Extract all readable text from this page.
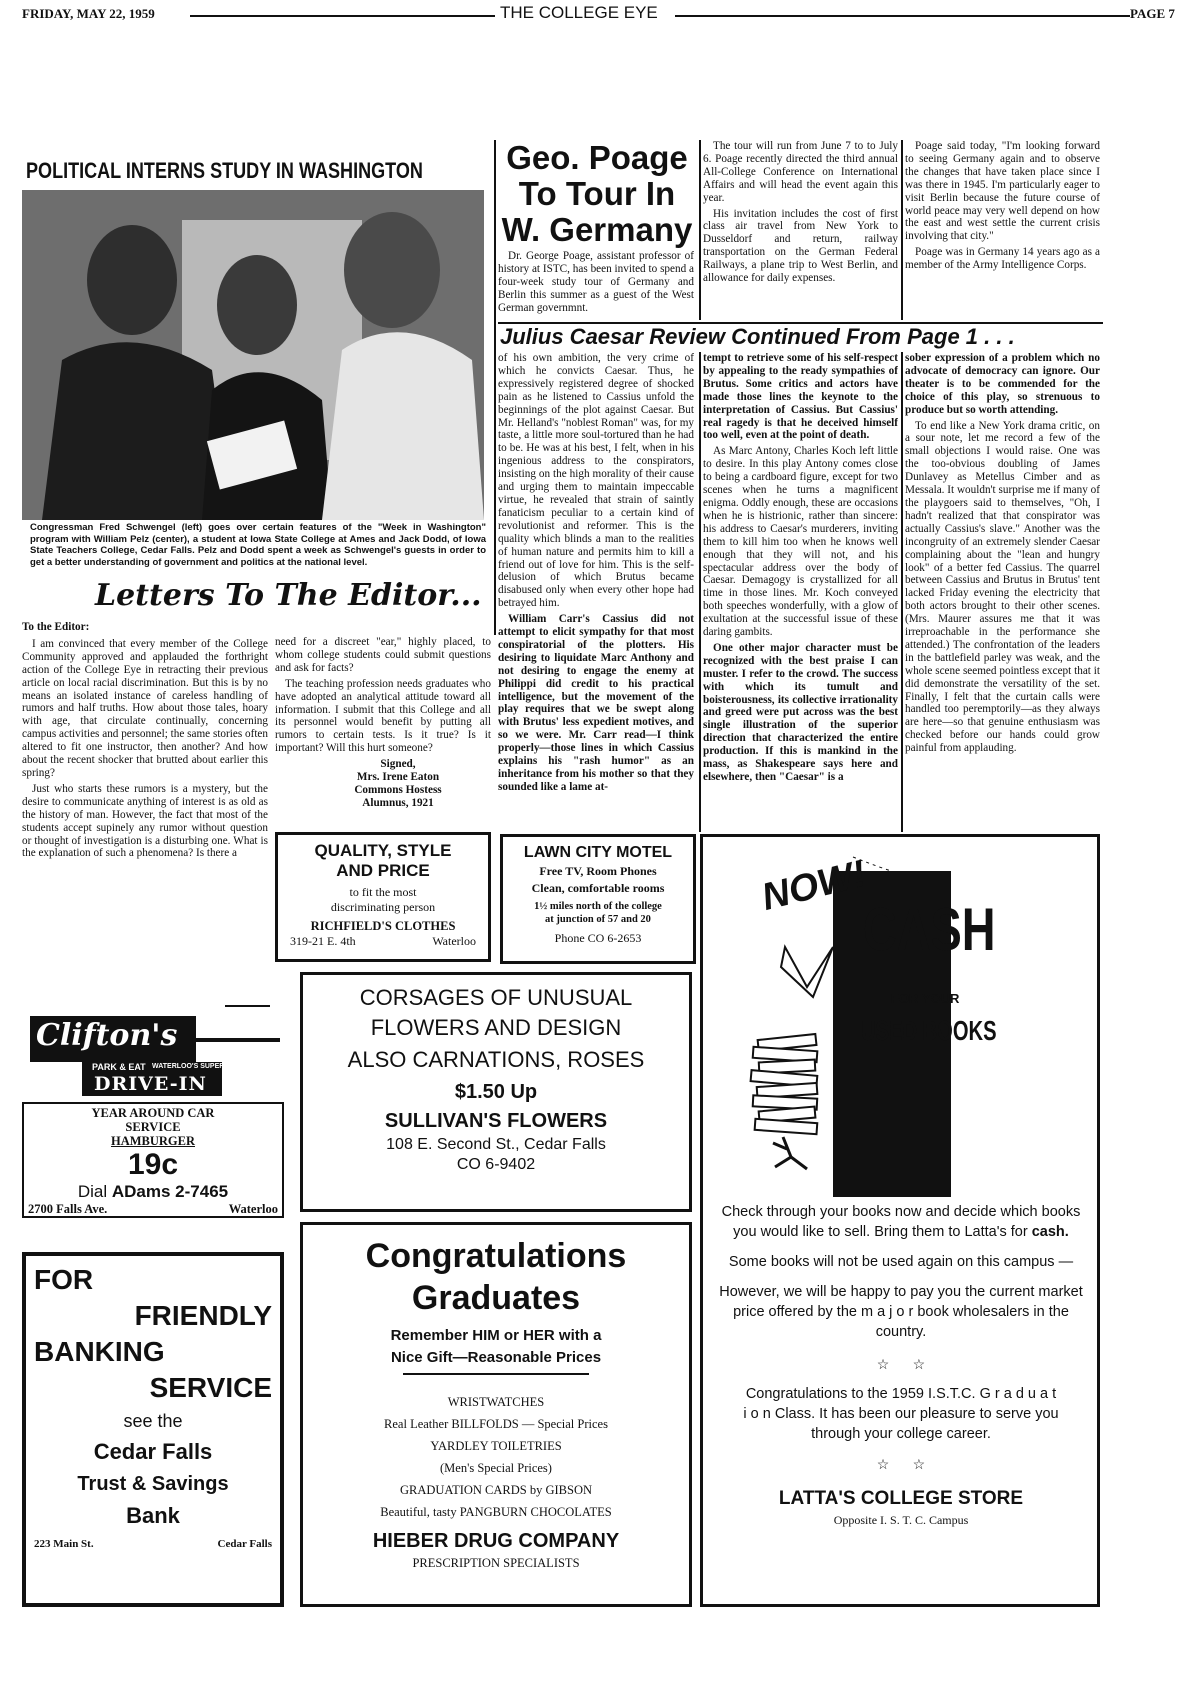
FRIDAY, MAY 22, 1959	THE COLLEGE EYE	PAGE 7
POLITICAL INTERNS STUDY IN WASHINGTON
Congressman Fred Schwengel (left) goes over certain features of the "Week in Washington" program with William Pelz (center), a student at Iowa State College at Ames and Jack Dodd, of Iowa State Teachers College, Cedar Falls. Pelz and Dodd spent a week as Schwengel's guests in order to get a better understanding of government and politics at the national level.
Letters To The Editor...
To the Editor:

I am convinced that every member of the College Community approved and applauded the forthright action of the College Eye in retracting their previous article on local racial discrimination. But this is by no means an isolated instance of careless handling of rumors and half truths. How about those tales, hoary with age, that circulate continually, concerning campus activities and personnel; the same stories often altered to fit one instructor, then another? And how about the recent shocker that brutted about earlier this spring?

Just who starts these rumors is a mystery, but the desire to communicate anything of interest is as old as the history of man. However, the fact that most of the students accept supinely any rumor without question or thought of investigation is a disturbing one. What is the explanation of such a phenomena? Is there a

need for a discreet "ear," highly placed, to whom college students could submit questions and ask for facts?

The teaching profession needs graduates who have adopted an analytical attitude toward all information. I submit that this College and all its personnel would benefit by putting all rumors to certain tests. Is it true? Is it important? Will this hurt someone?

Signed,
Mrs. Irene Eaton
Commons Hostess
Alumnus, 1921
QUALITY, STYLE
AND PRICE
to fit the most
discriminating person
RICHFIELD'S CLOTHES
319-21 E. 4th	Waterloo
Clifton's
PARK & EAT WATERLOO'S SUPER
DRIVE-IN
YEAR AROUND CAR
SERVICE
HAMBURGER
19c
Dial ADams 2-7465
2700 Falls Ave.	Waterloo
FOR
FRIENDLY
BANKING
SERVICE
see the
Cedar Falls
Trust & Savings
Bank
223 Main St.	Cedar Falls
Geo. Poage
To Tour In
W. Germany

Dr. George Poage, assistant professor of history at ISTC, has been invited to spend a four-week study tour of Germany and Berlin this summer as a guest of the West German governmnt.

The tour will run from June 7 to to July 6. Poage recently directed the third annual All-College Conference on International Affairs and will head the event again this year.

His invitation includes the cost of first class air travel from New York to Dusseldorf and return, railway transportation on the German Federal Railways, a plane trip to West Berlin, and allowance for daily expenses.

Poage said today, "I'm looking forward to seeing Germany again and to observe the changes that have taken place since I was there in 1945. I'm particularly eager to visit Berlin because the future course of world peace may very well depend on how the east and west settle the current crisis involving that city."

Poage was in Germany 14 years ago as a member of the Army Intelligence Corps.

Julius Caesar Review Continued From Page 1 . . .

of his own ambition, the very crime of which he convicts Caesar. Thus, he expressively registered degree of shocked pain as he listened to Cassius unfold the beginnings of the plot against Caesar. But Mr. Helland's "noblest Roman" was, for my taste, a little more soul-tortured than he had to be. He was at his best, I felt, when in his ingenious address to the conspirators, insisting on the high morality of their cause and urging them to maintain impeccable virtue, he revealed that strain of saintly fanaticism peculiar to a certain kind of revolutionist and reformer. This is the quality which blinds a man to the realities of human nature and permits him to kill a friend out of love for him. This is the self-delusion of which Brutus became disabused only when every other hope had betrayed him.

William Carr's Cassius did not attempt to elicit sympathy for that most conspiratorial of the plotters. His desiring to liquidate Marc Anthony and not desiring to engage the enemy at Philippi did credit to his practical intelligence, but the movement of the play requires that we be swept along with Brutus' less expedient motives, and so we were. Mr. Carr read—I think properly—those lines in which Cassius explains his "rash humor" as an inheritance from his mother so that they sounded like a lame at-

tempt to retrieve some of his self-respect by appealing to the ready sympathies of Brutus. Some critics and actors have made those lines the keynote to the interpretation of Cassius. But Cassius' real ragedy is that he deceived himself too well, even at the point of death.

As Marc Antony, Charles Koch left little to desire. In this play Antony comes close to being a cardboard figure, except for two scenes when he turns a magnificent enigma. Oddly enough, these are occasions when he is histrionic, rather than sincere: his address to Caesar's murderers, inviting them to kill him too when he knows well enough that they will not, and his spectacular address over the body of Caesar. Demagogy is crystallized for all time in those lines. Mr. Koch conveyed both speeches wonderfully, with a glow of exultation at the successful issue of these daring gambits.

One other major character must be recognized with the best praise I can muster. I refer to the crowd. The success with which its tumult and boisterousness, its collective irrationality and greed were put across was the best single illustration of the superior direction that characterized the entire production. If this is mankind in the mass, as Shakespeare says here and elsewhere, then "Caesar" is a

sober expression of a problem which no advocate of democracy can ignore. Our theater is to be commended for the choice of this play, so strenuous to produce but so worth attending.

To end like a New York drama critic, on a sour note, let me record a few of the small objections I would raise. One was the too-obvious doubling of James Dunlavey as Metellus Cimber and as Messala. It wouldn't surprise me if many of the playgoers said to themselves, "Oh, I hadn't realized that that conspirator was actually Cassius's slave." Another was the incongruity of an extremely slender Caesar complaining about the "lean and hungry look" of a better fed Cassius. The quarrel between Cassius and Brutus in Brutus' tent lacked Friday evening the electricity that both actors brought to their other scenes. (Mrs. Maurer assures me that it was irreproachable in the performance she attended.) The confrontation of the leaders in the battlefield parley was weak, and the whole scene seemed pointless except that it did demonstrate the versatility of the set. Finally, I felt that the curtain calls were handled too peremptorily—as they always are here—so that genuine enthusiasm was checked before our hands could grow painful from applauding.

LAWN CITY MOTEL
Free TV, Room Phones
Clean, comfortable rooms
1½ miles north of the college
at junction of 57 and 20
Phone CO 6-2653
CORSAGES OF UNUSUAL
FLOWERS AND DESIGN
ALSO CARNATIONS, ROSES
$1.50 Up
SULLIVAN'S FLOWERS
108 E. Second St., Cedar Falls
CO 6-9402
Congratulations
Graduates
Remember HIM or HER with a
Nice Gift—Reasonable Prices
WRISTWATCHES
Real Leather BILLFOLDS — Special Prices
YARDLEY TOILETRIES
(Men's Special Prices)
GRADUATION CARDS by GIBSON
Beautiful, tasty PANGBURN CHOCOLATES
HIEBER DRUG COMPANY
PRESCRIPTION SPECIALISTS
NOW!
CASH
FOR YOUR
USED BOOKS

Check through your books now and decide which books you would like to sell. Bring them to Latta's for cash.

Some books will not be used again on this campus —

However, we will be happy to pay you the current market price offered by the m a j o r book wholesalers in the country.

☆ ☆

Congratulations to the 1959 I.S.T.C. G r a d u a t i o n Class. It has been our pleasure to serve you through your college career.

☆ ☆
LATTA'S COLLEGE STORE
Opposite I. S. T. C. Campus
